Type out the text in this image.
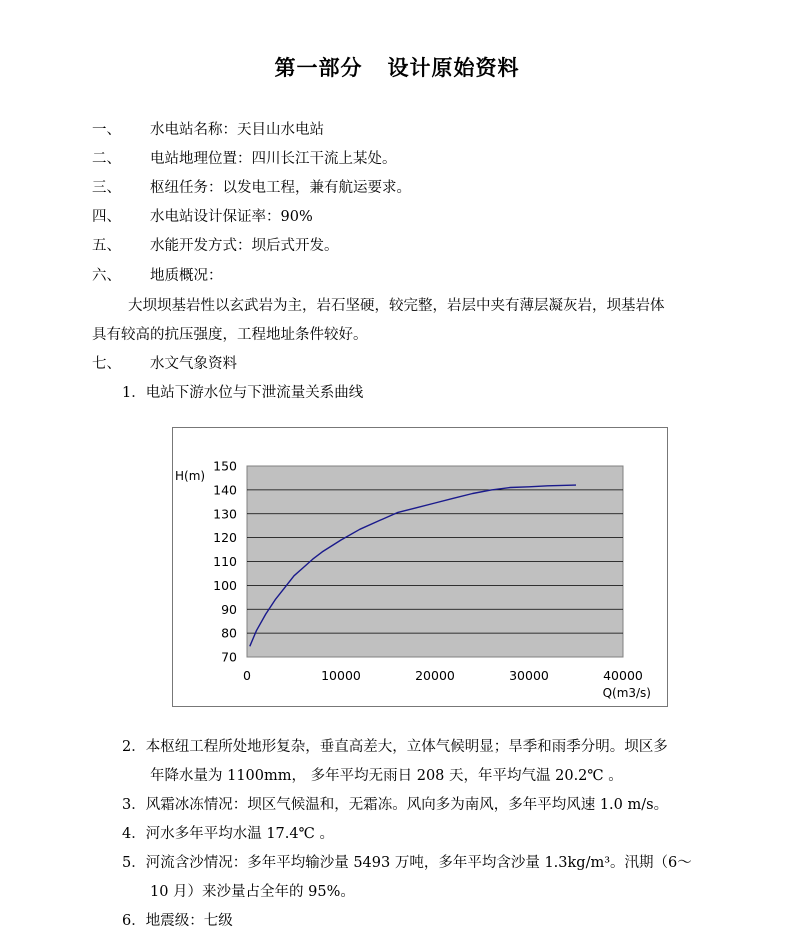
第一部分   设计原始资料
一、 水电站名称：天目山水电站
二、 电站地理位置：四川长江干流上某处。
三、 枢纽任务：以发电工程，兼有航运要求。
四、 水电站设计保证率：90%
五、 水能开发方式：坝后式开发。
六、 地质概况：
大坝坝基岩性以玄武岩为主，岩石坚硬，较完整，岩层中夹有薄层凝灰岩，坝基岩体
具有较高的抗压强度，工程地址条件较好。
七、 水文气象资料
1．电站下游水位与下泄流量关系曲线
70
80
90
100
110
120
130
140
150
0	10000	20000	30000	40000
H(m)
Q(m3/s)
2．本枢纽工程所处地形复杂，垂直高差大，立体气候明显；旱季和雨季分明。坝区多
年降水量为 1100mm， 多年平均无雨日 208 天，年平均气温 20.2℃ 。
3．风霜冰冻情况：坝区气候温和，无霜冻。风向多为南风，多年平均风速 1.0 m/s。
4．河水多年平均水温 17.4℃ 。
5．河流含沙情况：多年平均输沙量 5493 万吨，多年平均含沙量 1.3kg/m³。汛期（6～
10 月）来沙量占全年的 95%。
6．地震级：七级
